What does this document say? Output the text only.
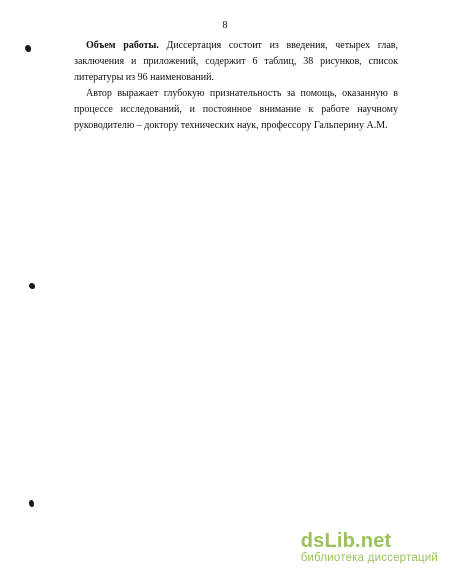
8

Объем работы. Диссертация состоит из введения, четырех глав, заключения и приложений, содержит 6 таблиц, 38 рисунков, список литературы из 96 наименований.

Автор выражает глубокую признательность за помощь, оказанную в процессе исследований, и постоянное внимание к работе научному руководителю – доктору технических наук, профессору Гальперину А.М.

dsLib.net
библиотека диссертаций
